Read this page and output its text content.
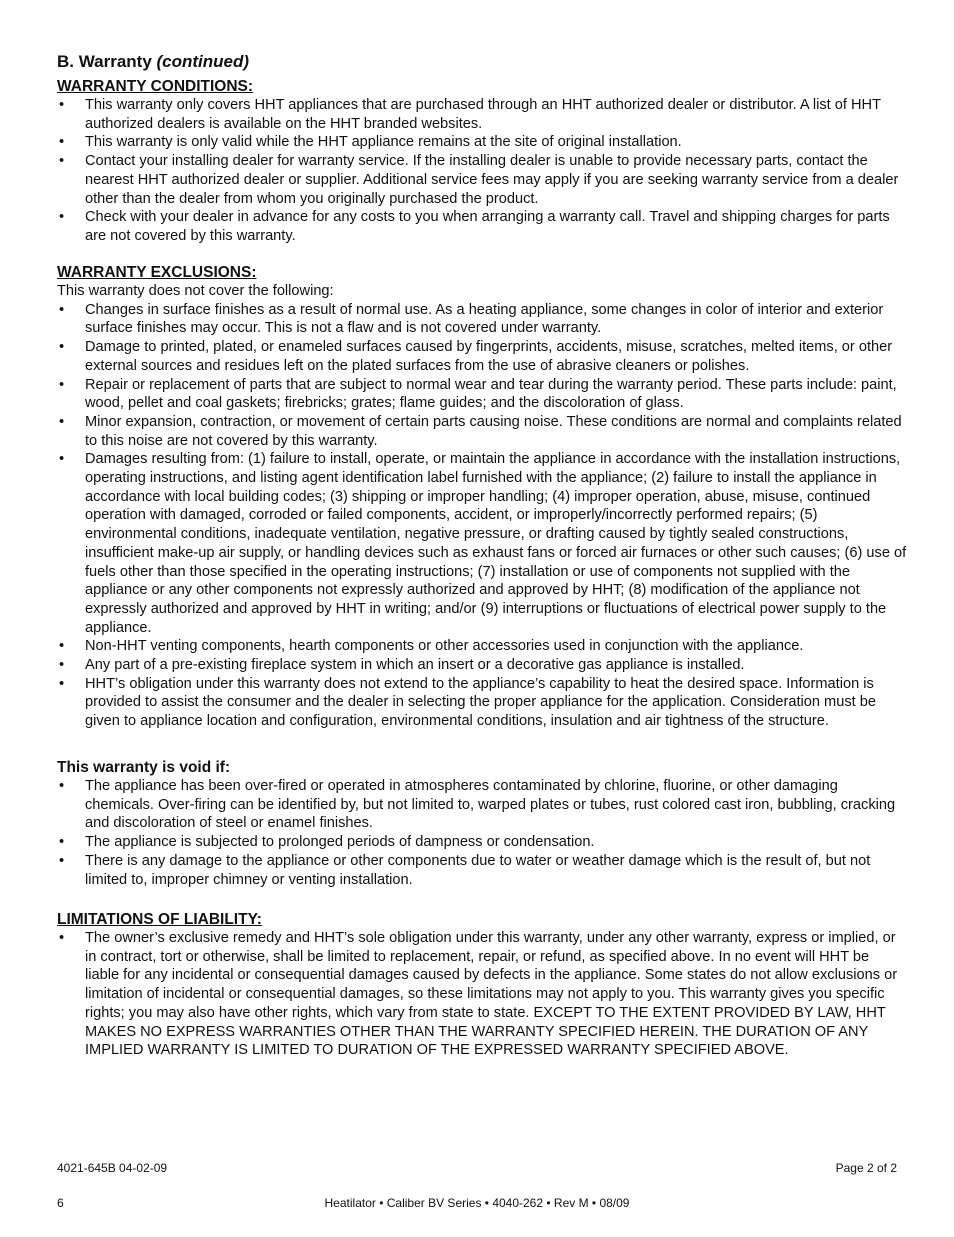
B. Warranty (continued)
WARRANTY CONDITIONS:
• This warranty only covers HHT appliances that are purchased through an HHT authorized dealer or distributor. A list of HHT authorized dealers is available on the HHT branded websites.
• This warranty is only valid while the HHT appliance remains at the site of original installation.
• Contact your installing dealer for warranty service. If the installing dealer is unable to provide necessary parts, contact the nearest HHT authorized dealer or supplier. Additional service fees may apply if you are seeking warranty service from a dealer other than the dealer from whom you originally purchased the product.
• Check with your dealer in advance for any costs to you when arranging a warranty call. Travel and shipping charges for parts are not covered by this warranty.
WARRANTY EXCLUSIONS:

This warranty does not cover the following:

• Changes in surface finishes as a result of normal use. As a heating appliance, some changes in color of interior and exterior surface finishes may occur. This is not a flaw and is not covered under warranty.
• Damage to printed, plated, or enameled surfaces caused by fingerprints, accidents, misuse, scratches, melted items, or other external sources and residues left on the plated surfaces from the use of abrasive cleaners or polishes.
• Repair or replacement of parts that are subject to normal wear and tear during the warranty period. These parts include: paint, wood, pellet and coal gaskets; firebricks; grates; flame guides; and the discoloration of glass.
• Minor expansion, contraction, or movement of certain parts causing noise. These conditions are normal and complaints related to this noise are not covered by this warranty.
• Damages resulting from: (1) failure to install, operate, or maintain the appliance in accordance with the installation instructions, operating instructions, and listing agent identification label furnished with the appliance; (2) failure to install the appliance in accordance with local building codes; (3) shipping or improper handling; (4) improper operation, abuse, misuse, continued operation with damaged, corroded or failed components, accident, or improperly/incorrectly performed repairs; (5) environmental conditions, inadequate ventilation, negative pressure, or drafting caused by tightly sealed constructions, insufficient make-up air supply, or handling devices such as exhaust fans or forced air furnaces or other such causes; (6) use of fuels other than those specified in the operating instructions; (7) installation or use of components not supplied with the appliance or any other components not expressly authorized and approved by HHT; (8) modification of the appliance not expressly authorized and approved by HHT in writing; and/or (9) interruptions or fluctuations of electrical power supply to the appliance.
• Non-HHT venting components, hearth components or other accessories used in conjunction with the appliance.
• Any part of a pre-existing fireplace system in which an insert or a decorative gas appliance is installed.
• HHT’s obligation under this warranty does not extend to the appliance’s capability to heat the desired space. Information is provided to assist the consumer and the dealer in selecting the proper appliance for the application. Consideration must be given to appliance location and configuration, environmental conditions, insulation and air tightness of the structure.
This warranty is void if:
• The appliance has been over-fired or operated in atmospheres contaminated by chlorine, fluorine, or other damaging chemicals. Over-firing can be identified by, but not limited to, warped plates or tubes, rust colored cast iron, bubbling, cracking and discoloration of steel or enamel finishes.
• The appliance is subjected to prolonged periods of dampness or condensation.
• There is any damage to the appliance or other components due to water or weather damage which is the result of, but not limited to, improper chimney or venting installation.
LIMITATIONS OF LIABILITY:
• The owner’s exclusive remedy and HHT’s sole obligation under this warranty, under any other warranty, express or implied, or in contract, tort or otherwise, shall be limited to replacement, repair, or refund, as specified above. In no event will HHT be liable for any incidental or consequential damages caused by defects in the appliance. Some states do not allow exclusions or limitation of incidental or consequential damages, so these limitations may not apply to you. This warranty gives you specific rights; you may also have other rights, which vary from state to state. EXCEPT TO THE EXTENT PROVIDED BY LAW, HHT MAKES NO EXPRESS WARRANTIES OTHER THAN THE WARRANTY SPECIFIED HEREIN. THE DURATION OF ANY IMPLIED WARRANTY IS LIMITED TO DURATION OF THE EXPRESSED WARRANTY SPECIFIED ABOVE.
4021-645B 04-02-09	Page 2 of 2
Heatilator • Caliber BV Series • 4040-262 • Rev M • 08/09
6
